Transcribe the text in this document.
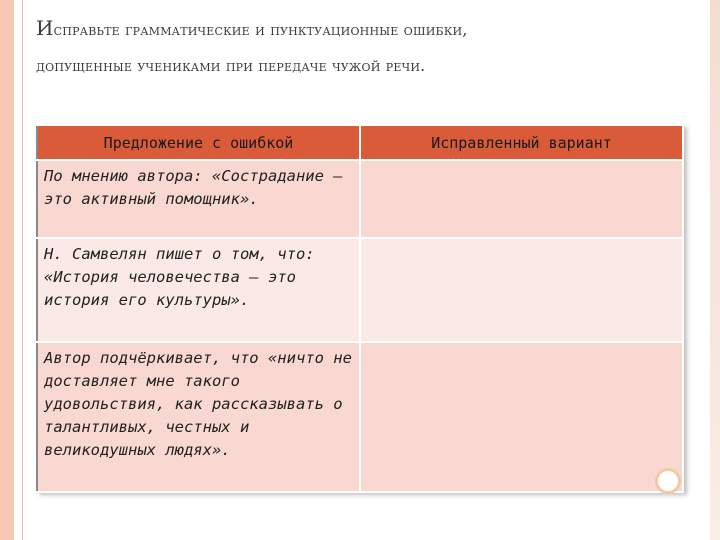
Исправьте грамматические и пунктуационные ошибки,
допущенные учениками при передаче чужой речи.
Предложение с ошибкой	Исправленный вариант
По мнению автора: «Сострадание — это активный помощник».	
Н. Самвелян пишет о том, что: «История человечества — это история его культуры».	
Автор подчёркивает, что «ничто не доставляет мне такого удовольствия, как рассказывать о талантливых, честных и великодушных людях».	
